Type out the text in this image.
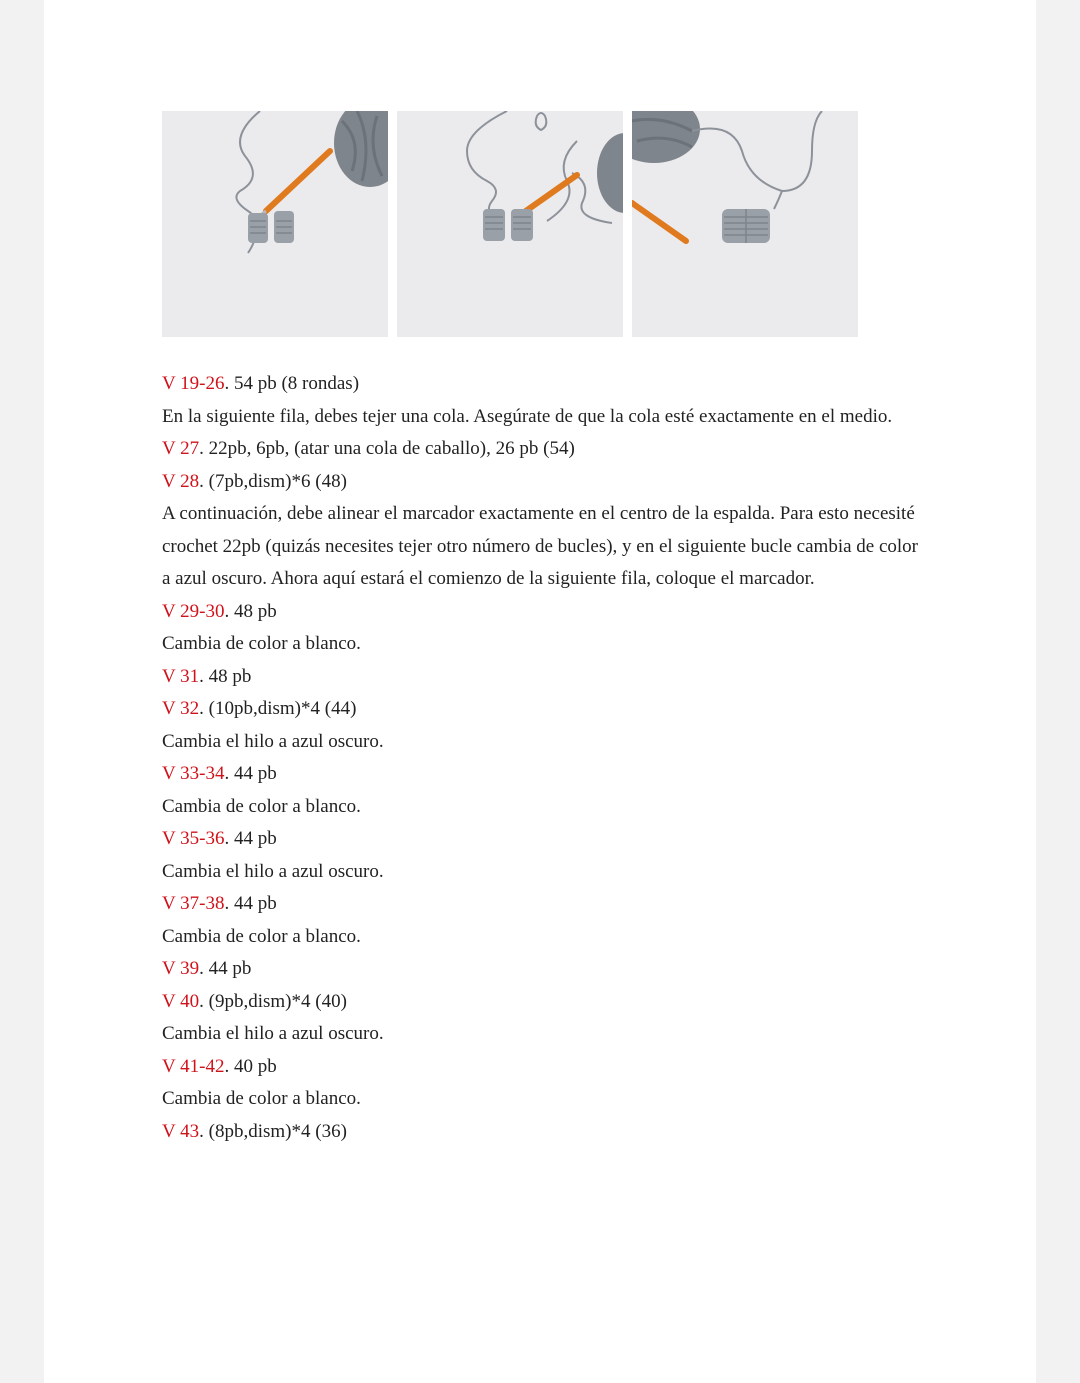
V 19-26. 54 pb (8 rondas)

En la siguiente fila, debes tejer una cola. Asegúrate de que la cola esté exactamente en el medio.

V 27. 22pb, 6pb, (atar una cola de caballo), 26 pb (54)

V 28. (7pb,dism)*6 (48)

A continuación, debe alinear el marcador exactamente en el centro de la espalda. Para esto necesité crochet 22pb (quizás necesites tejer otro número de bucles), y en el siguiente bucle cambia de color a azul oscuro. Ahora aquí estará el comienzo de la siguiente fila, coloque el marcador.

V 29-30. 48 pb

Cambia de color a blanco.

V 31. 48 pb

V 32. (10pb,dism)*4 (44)

Cambia el hilo a azul oscuro.

V 33-34. 44 pb

Cambia de color a blanco.

V 35-36. 44 pb

Cambia el hilo a azul oscuro.

V 37-38. 44 pb

Cambia de color a blanco.

V 39. 44 pb

V 40. (9pb,dism)*4 (40)

Cambia el hilo a azul oscuro.

V 41-42. 40 pb

Cambia de color a blanco.

V 43. (8pb,dism)*4 (36)
